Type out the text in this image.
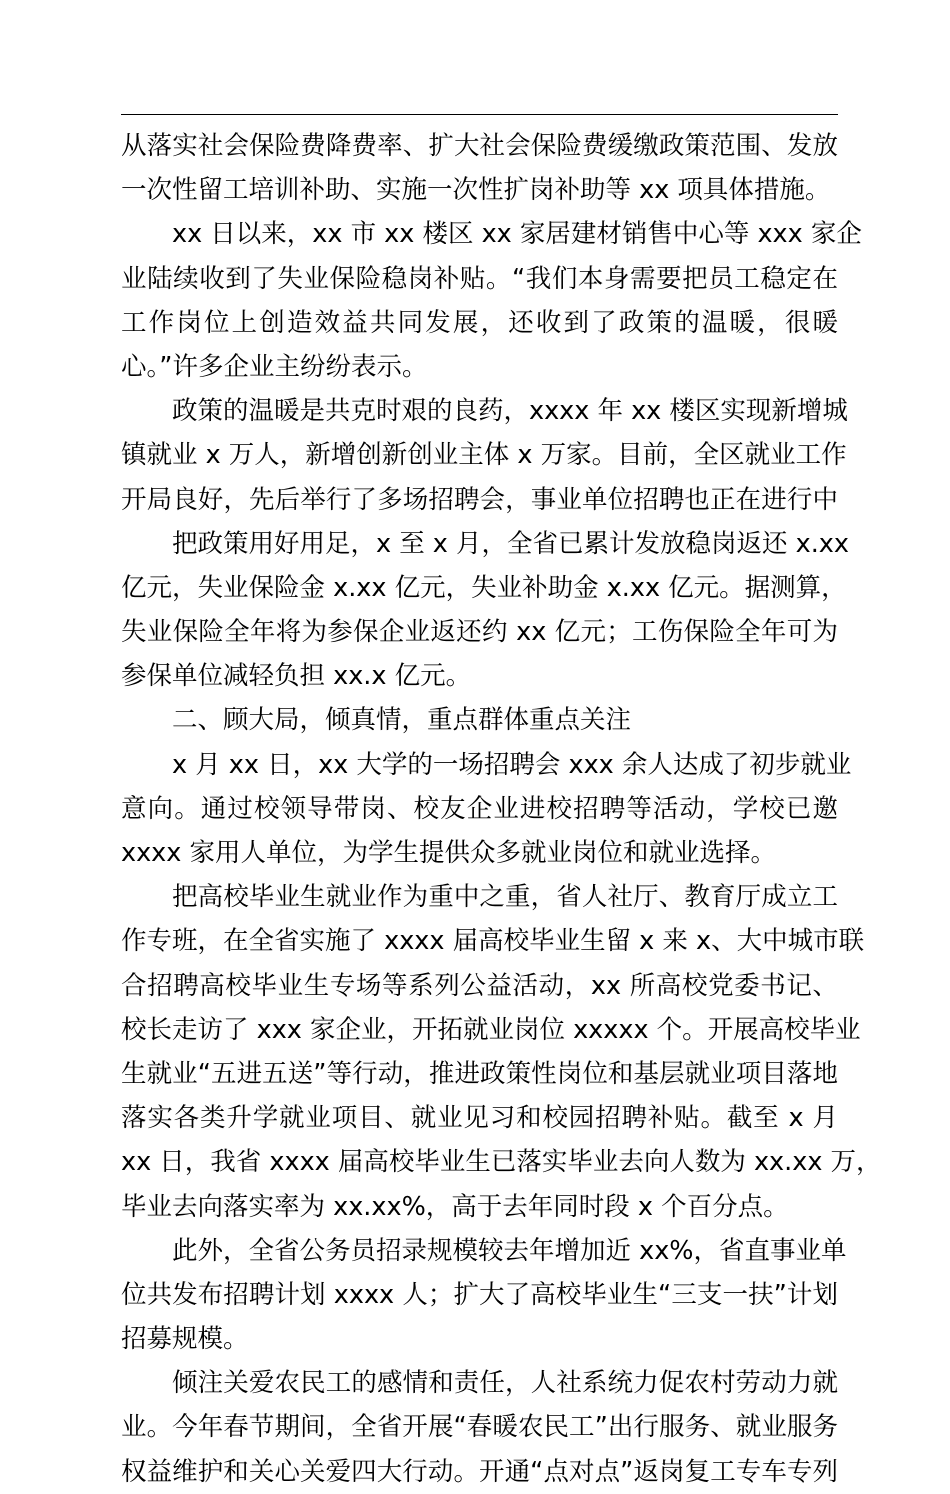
从落实社会保险费降费率、扩大社会保险费缓缴政策范围、发放
一次性留工培训补助、实施一次性扩岗补助等 xx 项具体措施。
xx 日以来，xx 市 xx 楼区 xx 家居建材销售中心等 xxx 家企
业陆续收到了失业保险稳岗补贴。“我们本身需要把员工稳定在
工作岗位上创造效益共同发展，还收到了政策的温暖，很暖
心。”许多企业主纷纷表示。
政策的温暖是共克时艰的良药，xxxx 年 xx 楼区实现新增城
镇就业 x 万人，新增创新创业主体 x 万家。目前，全区就业工作
开局良好，先后举行了多场招聘会，事业单位招聘也正在进行中
把政策用好用足，x 至 x 月，全省已累计发放稳岗返还 x.xx
亿元，失业保险金 x.xx 亿元，失业补助金 x.xx 亿元。据测算，
失业保险全年将为参保企业返还约 xx 亿元；工伤保险全年可为
参保单位减轻负担 xx.x 亿元。
二、顾大局，倾真情，重点群体重点关注
x 月 xx 日，xx 大学的一场招聘会 xxx 余人达成了初步就业
意向。通过校领导带岗、校友企业进校招聘等活动，学校已邀
xxxx 家用人单位，为学生提供众多就业岗位和就业选择。
把高校毕业生就业作为重中之重，省人社厅、教育厅成立工
作专班，在全省实施了 xxxx 届高校毕业生留 x 来 x、大中城市联
合招聘高校毕业生专场等系列公益活动，xx 所高校党委书记、
校长走访了 xxx 家企业，开拓就业岗位 xxxxx 个。开展高校毕业
生就业“五进五送”等行动，推进政策性岗位和基层就业项目落地
落实各类升学就业项目、就业见习和校园招聘补贴。截至 x 月
xx 日，我省 xxxx 届高校毕业生已落实毕业去向人数为 xx.xx 万，
毕业去向落实率为 xx.xx%，高于去年同时段 x 个百分点。
此外，全省公务员招录规模较去年增加近 xx%，省直事业单
位共发布招聘计划 xxxx 人；扩大了高校毕业生“三支一扶”计划
招募规模。
倾注关爱农民工的感情和责任，人社系统力促农村劳动力就
业。今年春节期间，全省开展“春暖农民工”出行服务、就业服务
权益维护和关心关爱四大行动。开通“点对点”返岗复工专车专列
